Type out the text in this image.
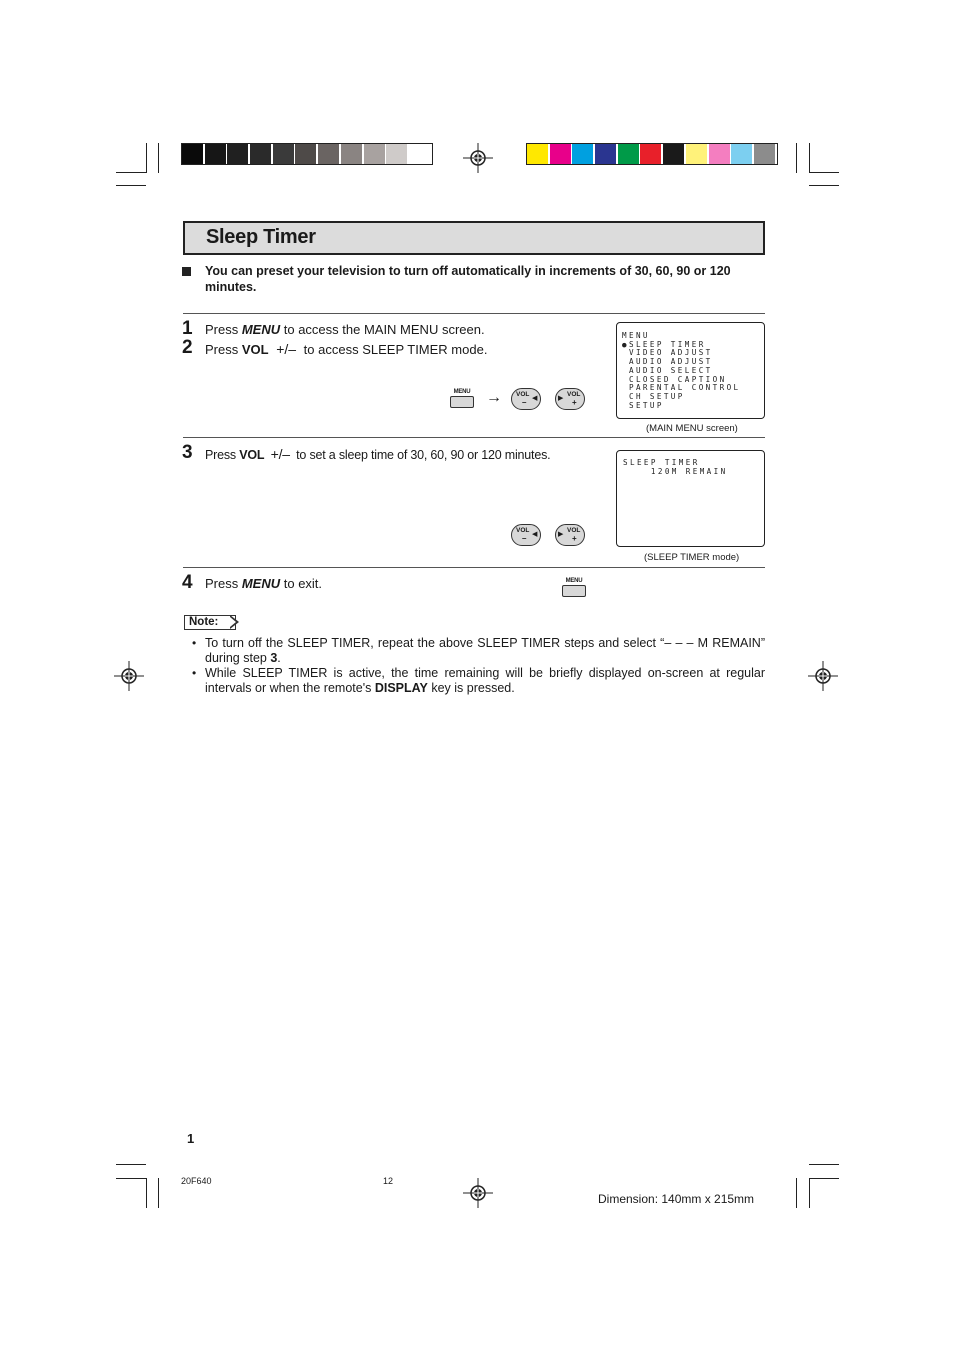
Sleep Timer
You can preset your television to turn off automatically in increments of 30, 60, 90 or 120 minutes.
1 Press MENU to access the MAIN MENU screen.
2 Press VOL +/– to access SLEEP TIMER mode.
MENU → VOL
– ◀	▶
VOL
+
MENU
●SLEEP TIMER
VIDEO ADJUST
AUDIO ADJUST
AUDIO SELECT
CLOSED CAPTION
PARENTAL CONTROL
CH SETUP
SETUP
(MAIN MENU screen)
3 Press VOL +/– to set a sleep time of 30, 60, 90 or 120 minutes.
VOL
– ◀	▶
VOL
+
SLEEP TIMER
120M REMAIN
(SLEEP TIMER mode)
4 Press MENU to exit.	MENU
Note:
• To turn off the SLEEP TIMER, repeat the above SLEEP TIMER steps and select “– – – M REMAIN” during step 3.
• While SLEEP TIMER is active, the time remaining will be briefly displayed on-screen at regular intervals or when the remote's DISPLAY key is pressed.
1
20F640	12
Dimension: 140mm x 215mm
